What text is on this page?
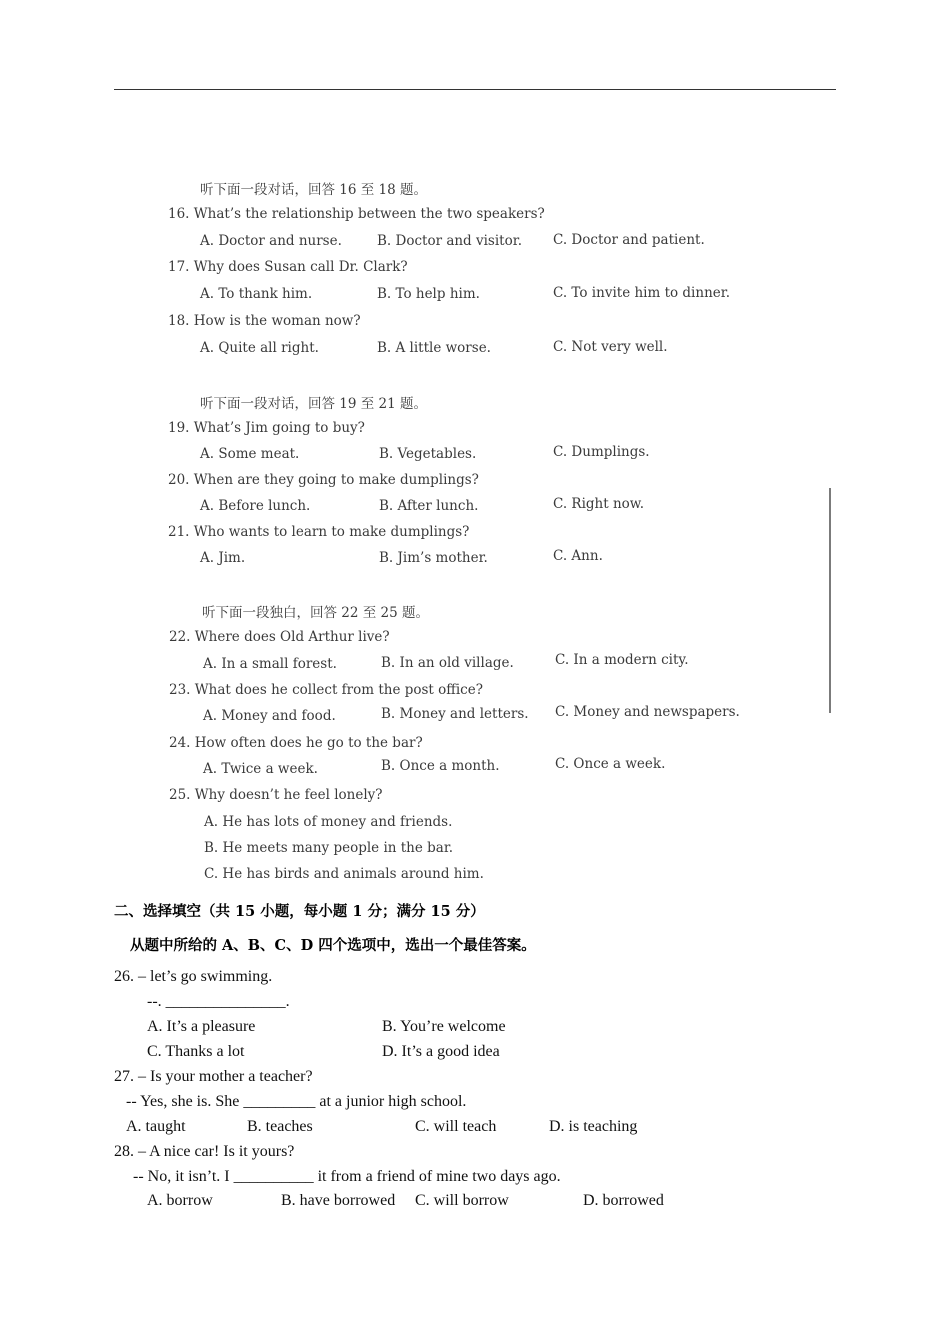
听下面一段对话，回答 16 至 18 题。
16. What’s the relationship between the two speakers?
A. Doctor and nurse.	B. Doctor and visitor. C. Doctor and patient.
17. Why does Susan call Dr. Clark?
A. To thank him.	B. To help him.	C. To invite him to dinner.
18. How is the woman now?
A. Quite all right.	B. A little worse.	C. Not very well.
听下面一段对话，回答 19 至 21 题。
19. What’s Jim going to buy?
A. Some meat.	B. Vegetables.	C. Dumplings.
20. When are they going to make dumplings?
A. Before lunch.	B. After lunch.	C. Right now.
21. Who wants to learn to make dumplings?
A. Jim.	B. Jim’s mother.	C. Ann.
听下面一段独白，回答 22 至 25 题。
22. Where does Old Arthur live?
A. In a small forest.	B. In an old village.	C. In a modern city.
23. What does he collect from the post office?
A. Money and food.	B. Money and letters. C. Money and newspapers.
24. How often does he go to the bar?
A. Twice a week.	B. Once a month.	C. Once a week.
25. Why doesn’t he feel lonely?
A. He has lots of money and friends.
B. He meets many people in the bar.
C. He has birds and animals around him.
二、选择填空（共 15 小题，每小题 1 分；满分 15 分）
从题中所给的 A、B、C、D 四个选项中，选出一个最佳答案。
26. – let’s go swimming.
--. _______________.
A. It’s a pleasure	B. You’re welcome
C. Thanks a lot	D. It’s a good idea
27. – Is your mother a teacher?
-- Yes, she is. She _________ at a junior high school.
A. taught	B. teaches	C. will teach	D. is teaching
28. – A nice car! Is it yours?
-- No, it isn’t. I __________ it from a friend of mine two days ago.
A. borrow	B. have borrowed C. will borrow	D. borrowed
